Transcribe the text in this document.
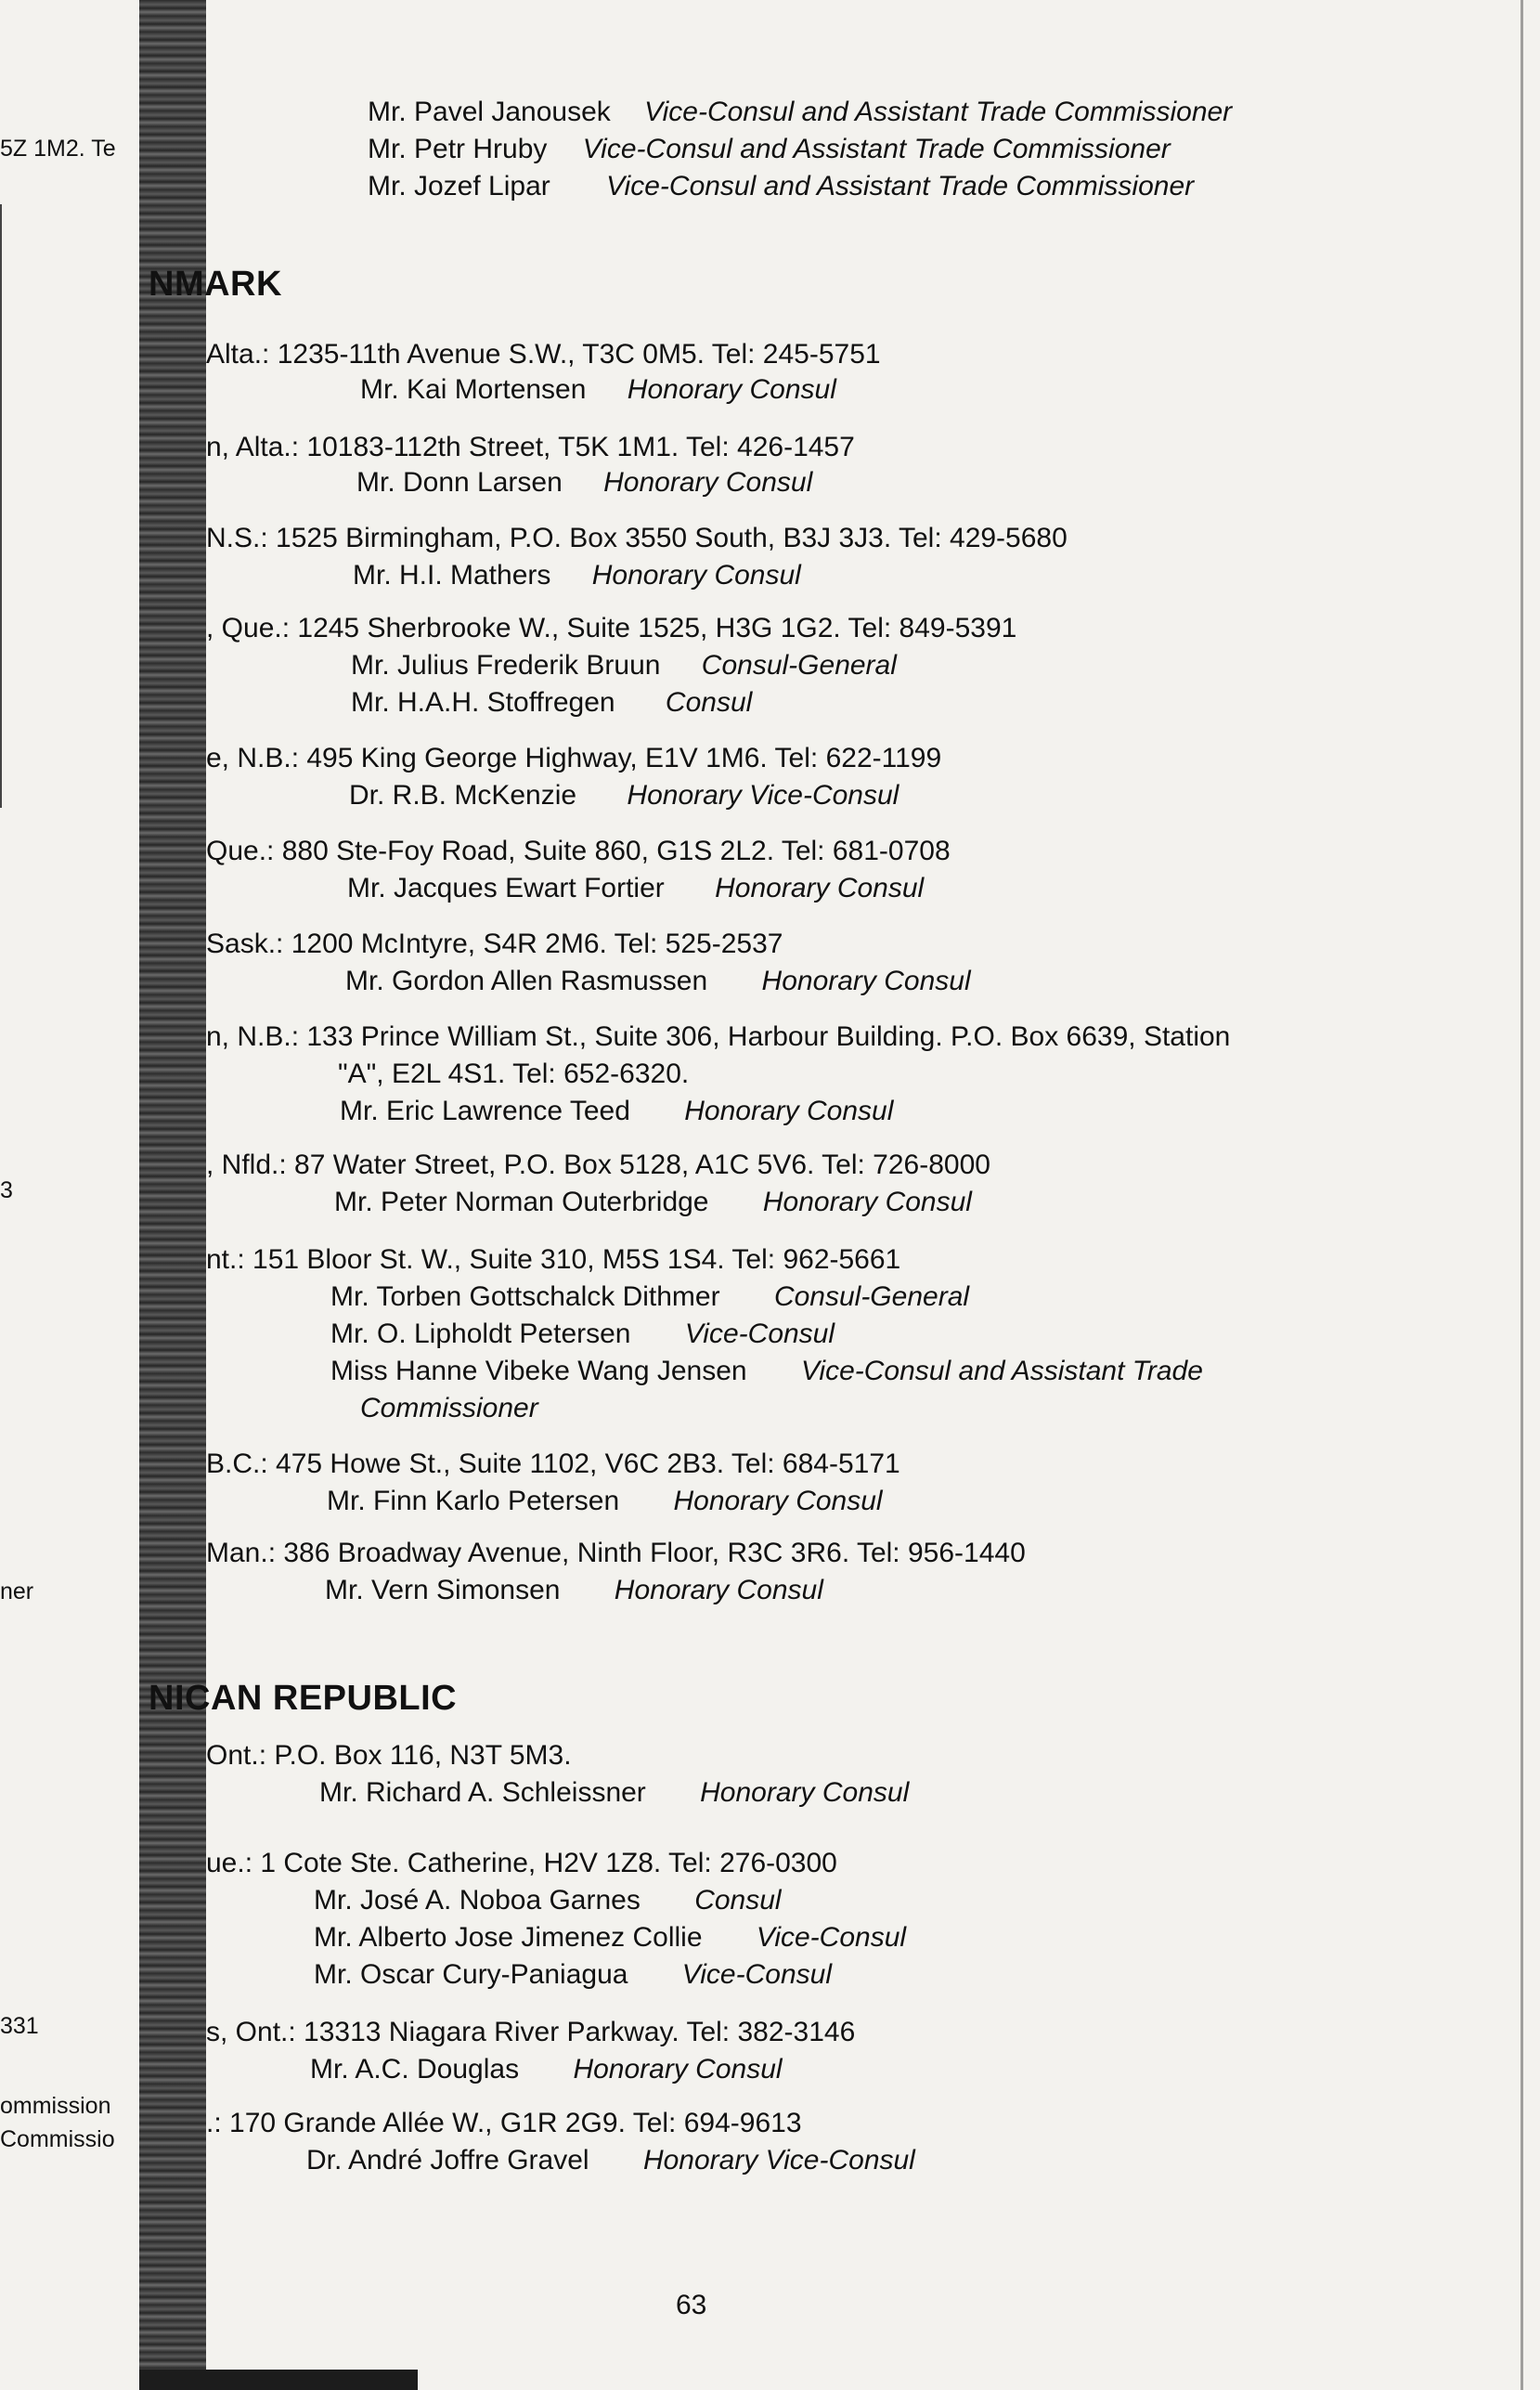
5Z 1M2. Te
3
ner
331
ommission
Commissio
Mr. Pavel Janousek Vice-Consul and Assistant Trade Commissioner
Mr. Petr Hruby Vice-Consul and Assistant Trade Commissioner
Mr. Jozef Lipar Vice-Consul and Assistant Trade Commissioner
NMARK
Alta.: 1235-11th Avenue S.W., T3C 0M5. Tel: 245-5751
Mr. Kai Mortensen Honorary Consul
n, Alta.: 10183-112th Street, T5K 1M1. Tel: 426-1457
Mr. Donn Larsen Honorary Consul
N.S.: 1525 Birmingham, P.O. Box 3550 South, B3J 3J3. Tel: 429-5680
Mr. H.I. Mathers Honorary Consul
, Que.: 1245 Sherbrooke W., Suite 1525, H3G 1G2. Tel: 849-5391
Mr. Julius Frederik Bruun Consul-General
Mr. H.A.H. Stoffregen Consul
e, N.B.: 495 King George Highway, E1V 1M6. Tel: 622-1199
Dr. R.B. McKenzie Honorary Vice-Consul
Que.: 880 Ste-Foy Road, Suite 860, G1S 2L2. Tel: 681-0708
Mr. Jacques Ewart Fortier Honorary Consul
Sask.: 1200 McIntyre, S4R 2M6. Tel: 525-2537
Mr. Gordon Allen Rasmussen Honorary Consul
n, N.B.: 133 Prince William St., Suite 306, Harbour Building. P.O. Box 6639, Station
"A", E2L 4S1. Tel: 652-6320.
Mr. Eric Lawrence Teed Honorary Consul
, Nfld.: 87 Water Street, P.O. Box 5128, A1C 5V6. Tel: 726-8000
Mr. Peter Norman Outerbridge Honorary Consul
nt.: 151 Bloor St. W., Suite 310, M5S 1S4. Tel: 962-5661
Mr. Torben Gottschalck Dithmer Consul-General
Mr. O. Lipholdt Petersen Vice-Consul
Miss Hanne Vibeke Wang Jensen Vice-Consul and Assistant Trade
Commissioner
B.C.: 475 Howe St., Suite 1102, V6C 2B3. Tel: 684-5171
Mr. Finn Karlo Petersen Honorary Consul
Man.: 386 Broadway Avenue, Ninth Floor, R3C 3R6. Tel: 956-1440
Mr. Vern Simonsen Honorary Consul
NICAN REPUBLIC
Ont.: P.O. Box 116, N3T 5M3.
Mr. Richard A. Schleissner Honorary Consul
ue.: 1 Cote Ste. Catherine, H2V 1Z8. Tel: 276-0300
Mr. José A. Noboa Garnes Consul
Mr. Alberto Jose Jimenez Collie Vice-Consul
Mr. Oscar Cury-Paniagua Vice-Consul
s, Ont.: 13313 Niagara River Parkway. Tel: 382-3146
Mr. A.C. Douglas Honorary Consul
.: 170 Grande Allée W., G1R 2G9. Tel: 694-9613
Dr. André Joffre Gravel Honorary Vice-Consul
63
